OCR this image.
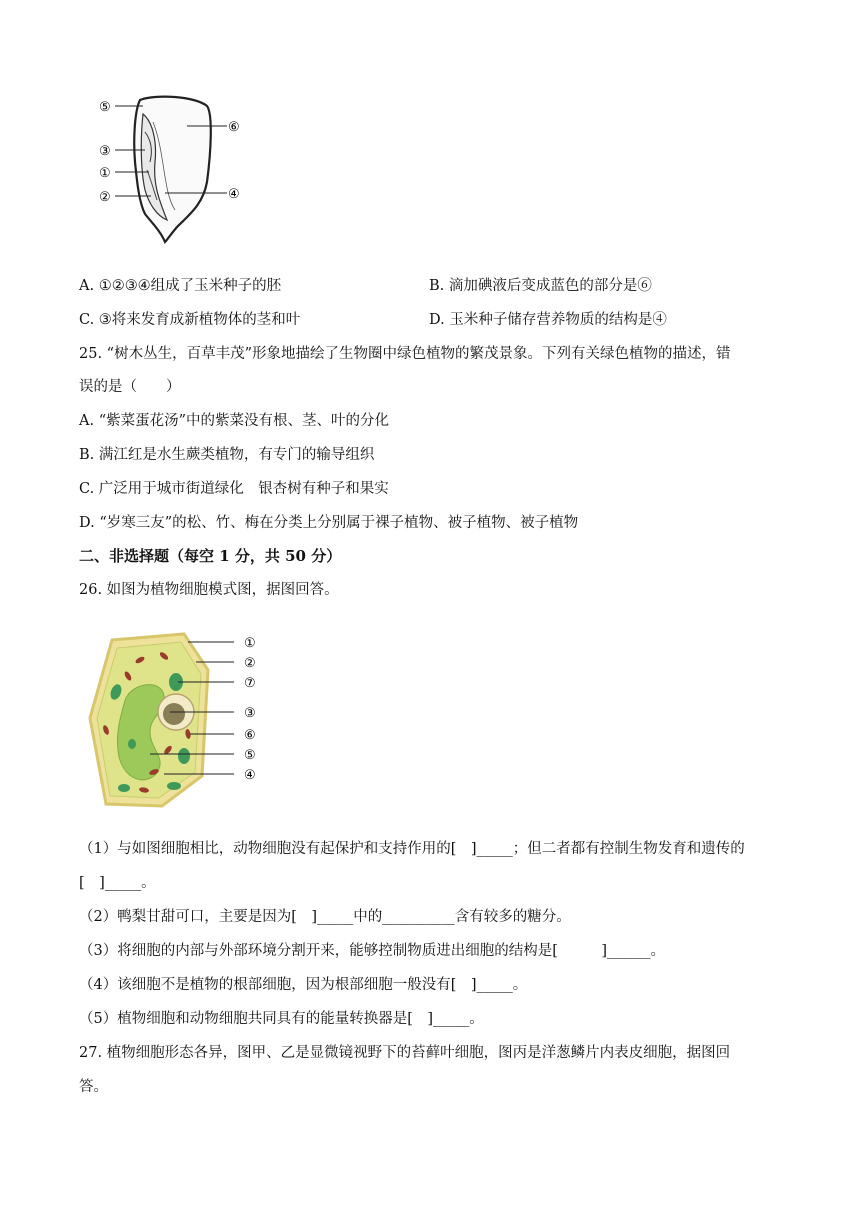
⑤
③
①
②
⑥
④
A. ①②③④组成了玉米种子的胚	B. 滴加碘液后变成蓝色的部分是⑥
C. ③将来发育成新植物体的茎和叶	D. 玉米种子储存营养物质的结构是④
25. “树木丛生，百草丰茂”形象地描绘了生物圈中绿色植物的繁茂景象。下列有关绿色植物的描述，错
误的是（　　）
A. “紫菜蛋花汤”中的紫菜没有根、茎、叶的分化
B. 满江红是水生蕨类植物，有专门的输导组织
C. 广泛用于城市街道绿化　银杏树有种子和果实
D. “岁寒三友”的松、竹、梅在分类上分别属于裸子植物、被子植物、被子植物
二、非选择题（每空 1 分，共 50 分）
26. 如图为植物细胞模式图，据图回答。
①
②
⑦
③
⑥
⑤
④
（1）与如图细胞相比，动物细胞没有起保护和支持作用的[　]_____；但二者都有控制生物发育和遗传的
[　]_____。
（2）鸭梨甘甜可口，主要是因为[　]_____中的__________含有较多的糖分。
（3）将细胞的内部与外部环境分割开来，能够控制物质进出细胞的结构是[　　　]______。
（4）该细胞不是植物的根部细胞，因为根部细胞一般没有[　]_____。
（5）植物细胞和动物细胞共同具有的能量转换器是[　]_____。
27. 植物细胞形态各异，图甲、乙是显微镜视野下的苔藓叶细胞，图丙是洋葱鳞片内表皮细胞，据图回
答。
